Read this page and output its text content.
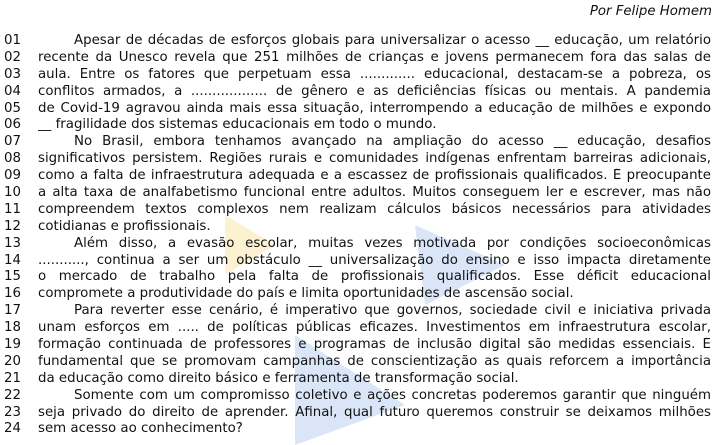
Por Felipe Homem
01	Apesar de décadas de esforços globais para universalizar o acesso __ educação, um relatório
02	recente da Unesco revela que 251 milhões de crianças e jovens permanecem fora das salas de
03	aula. Entre os fatores que perpetuam essa ............. educacional, destacam-se a pobreza, os
04	conflitos armados, a .................. de gênero e as deficiências físicas ou mentais. A pandemia
05	de Covid-19 agravou ainda mais essa situação, interrompendo a educação de milhões e expondo
06	__ fragilidade dos sistemas educacionais em todo o mundo.
07	No Brasil, embora tenhamos avançado na ampliação do acesso __ educação, desafios
08	significativos persistem. Regiões rurais e comunidades indígenas enfrentam barreiras adicionais,
09	como a falta de infraestrutura adequada e a escassez de profissionais qualificados. É preocupante
10	a alta taxa de analfabetismo funcional entre adultos. Muitos conseguem ler e escrever, mas não
11	compreendem textos complexos nem realizam cálculos básicos necessários para atividades
12	cotidianas e profissionais.
13	Além disso, a evasão escolar, muitas vezes motivada por condições socioeconômicas
14	..........., continua a ser um obstáculo __ universalização do ensino e isso impacta diretamente
15	o mercado de trabalho pela falta de profissionais qualificados. Esse déficit educacional
16	compromete a produtividade do país e limita oportunidades de ascensão social.
17	Para reverter esse cenário, é imperativo que governos, sociedade civil e iniciativa privada
18	unam esforços em ..... de políticas públicas eficazes. Investimentos em infraestrutura escolar,
19	formação continuada de professores e programas de inclusão digital são medidas essenciais. É
20	fundamental que se promovam campanhas de conscientização as quais reforcem a importância
21	da educação como direito básico e ferramenta de transformação social.
22	Somente com um compromisso coletivo e ações concretas poderemos garantir que ninguém
23	seja privado do direito de aprender. Afinal, qual futuro queremos construir se deixamos milhões
24	sem acesso ao conhecimento?
